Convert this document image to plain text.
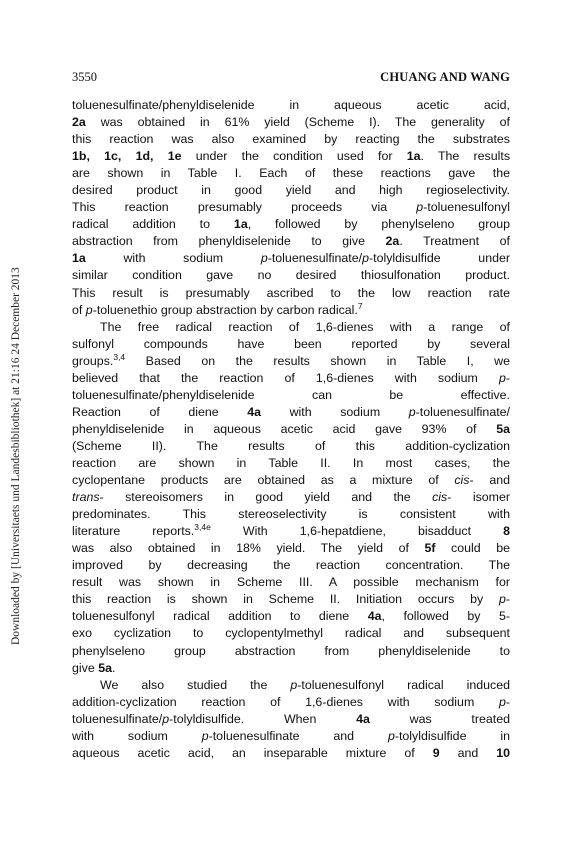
3550	CHUANG AND WANG
Downloaded by [Universitaets und Landesbibliothek] at 21:16 24 December 2013
toluenesulfinate/phenyldiselenide in aqueous acetic acid,
2a was obtained in 61% yield (Scheme I). The generality of
this reaction was also examined by reacting the substrates
1b, 1c, 1d, 1e under the condition used for 1a. The results
are shown in Table I. Each of these reactions gave the
desired product in good yield and high regioselectivity.
This reaction presumably proceeds via p-toluenesulfonyl
radical addition to 1a, followed by phenylseleno group
abstraction from phenyldiselenide to give 2a. Treatment of
1a with sodium p-toluenesulfinate/p-tolyldisulfide under
similar condition gave no desired thiosulfonation product.
This result is presumably ascribed to the low reaction rate
of p-toluenethio group abstraction by carbon radical.$^7$
The free radical reaction of 1,6-dienes with a range of
sulfonyl compounds have been reported by several
groups.$^{3,4}$ Based on the results shown in Table I, we
believed that the reaction of 1,6-dienes with sodium p-
toluenesulfinate/phenyldiselenide can be effective.
Reaction of diene 4a with sodium p-toluenesulfinate/
phenyldiselenide in aqueous acetic acid gave 93% of 5a
(Scheme II). The results of this addition-cyclization
reaction are shown in Table II. In most cases, the
cyclopentane products are obtained as a mixture of cis- and
trans- stereoisomers in good yield and the cis- isomer
predominates. This stereoselectivity is consistent with
literature reports.$^{3,4e}$ With 1,6-hepatdiene, bisadduct 8
was also obtained in 18% yield. The yield of 5f could be
improved by decreasing the reaction concentration. The
result was shown in Scheme III. A possible mechanism for
this reaction is shown in Scheme II. Initiation occurs by p-
toluenesulfonyl radical addition to diene 4a, followed by 5-
exo cyclization to cyclopentylmethyl radical and subsequent
phenylseleno group abstraction from phenyldiselenide to
give 5a.
We also studied the p-toluenesulfonyl radical induced
addition-cyclization reaction of 1,6-dienes with sodium p-
toluenesulfinate/p-tolyldisulfide. When 4a was treated
with sodium p-toluenesulfinate and p-tolyldisulfide in
aqueous acetic acid, an inseparable mixture of 9 and 10
